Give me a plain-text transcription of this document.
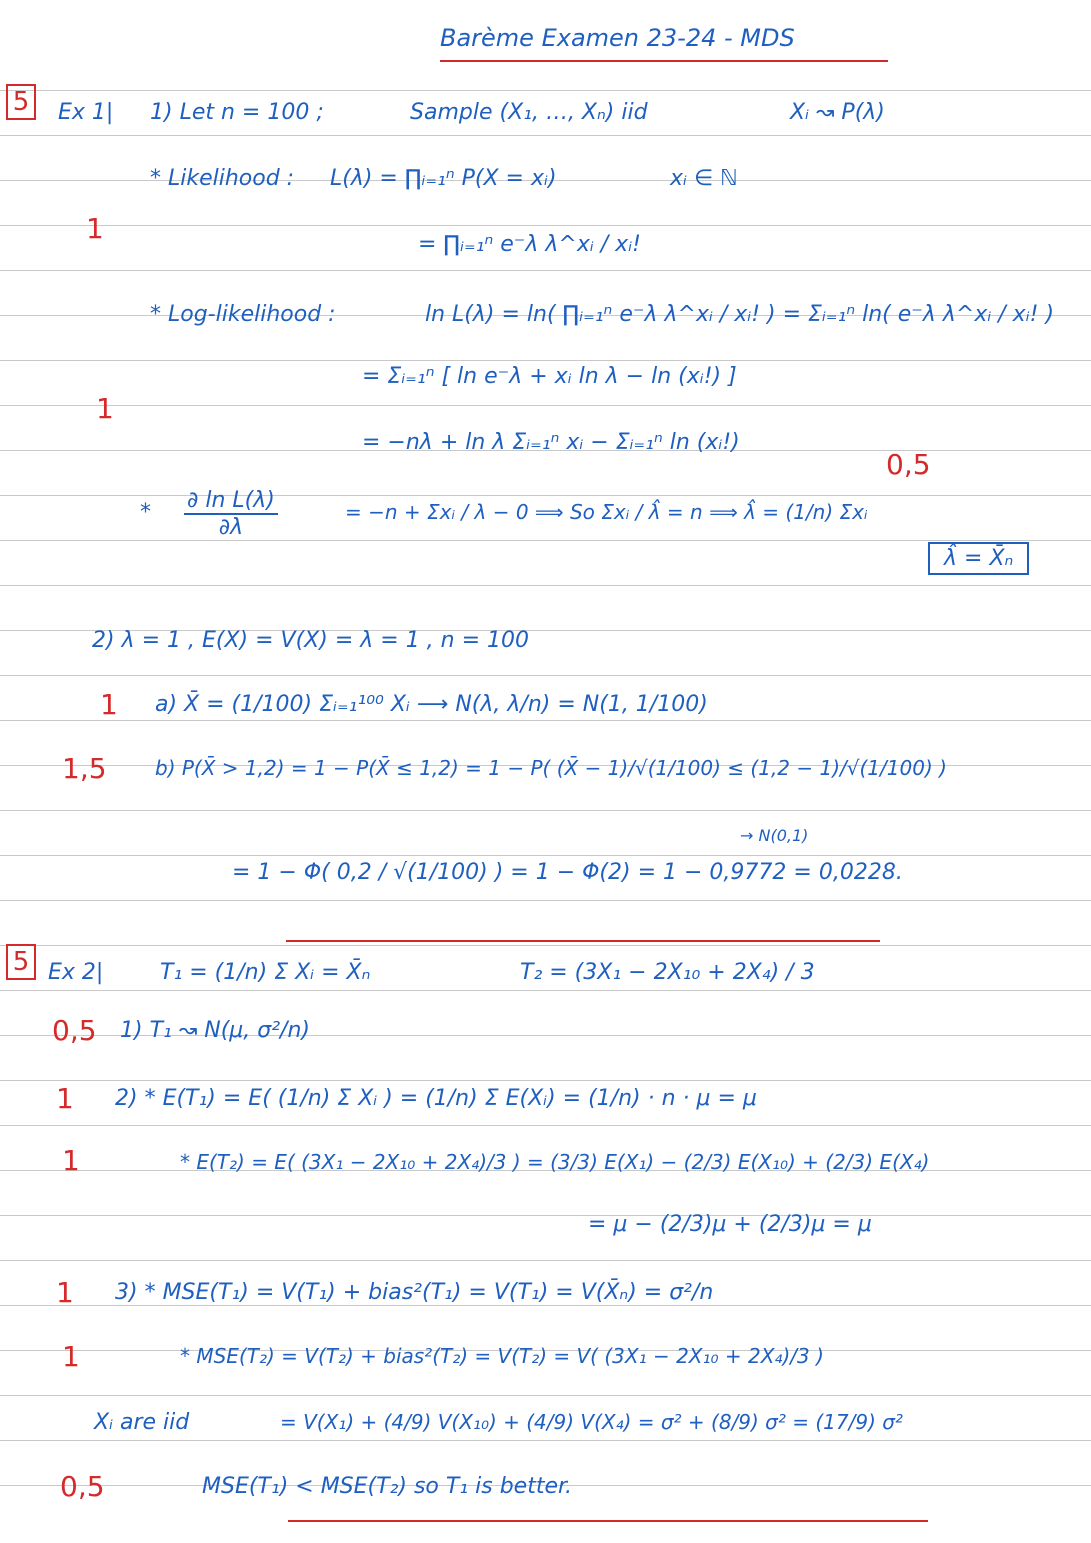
Barème Examen 23-24 - MDS
5	Ex 1| 1) Let n = 100 ;	Sample (X₁, …, Xₙ) iid	Xᵢ ↝ P(λ)
* Likelihood : L(λ) = ∏ᵢ₌₁ⁿ P(X = xᵢ)	xᵢ ∈ ℕ
1	= ∏ᵢ₌₁ⁿ e⁻λ λ^xᵢ / xᵢ!
* Log-likelihood :	ln L(λ) = ln( ∏ᵢ₌₁ⁿ e⁻λ λ^xᵢ / xᵢ! ) = Σᵢ₌₁ⁿ ln( e⁻λ λ^xᵢ / xᵢ! )
= Σᵢ₌₁ⁿ [ ln e⁻λ + xᵢ ln λ − ln (xᵢ!) ]
1
= −nλ + ln λ Σᵢ₌₁ⁿ xᵢ − Σᵢ₌₁ⁿ ln (xᵢ!)
0,5
* $\frac{\text{∂ ln L(λ)}}{\partial\lambda}$	= −n + Σxᵢ / λ − 0 ⟹ So Σxᵢ / λ̂ = n ⟹ λ̂ = (1/n) Σxᵢ
λ̂ = X̄ₙ
2) λ = 1 , E(X) = V(X) = λ = 1 , n = 100
1 a) X̄ = (1/100) Σᵢ₌₁¹⁰⁰ Xᵢ ⟶ N(λ, λ/n) = N(1, 1/100)
1,5 b) P(X̄ > 1,2) = 1 − P(X̄ ≤ 1,2) = 1 − P( (X̄ − 1)/√(1/100) ≤ (1,2 − 1)/√(1/100) )
→ N(0,1)
= 1 − Φ( 0,2 / √(1/100) ) = 1 − Φ(2) = 1 − 0,9772 = 0,0228.
5 Ex 2|	T₁ = (1/n) Σ Xᵢ = X̄ₙ	T₂ = (3X₁ − 2X₁₀ + 2X₄) / 3
0,5 1) T₁ ↝ N(μ, σ²/n)
1 2) * E(T₁) = E( (1/n) Σ Xᵢ ) = (1/n) Σ E(Xᵢ) = (1/n) · n · μ = μ
1	* E(T₂) = E( (3X₁ − 2X₁₀ + 2X₄)/3 ) = (3/3) E(X₁) − (2/3) E(X₁₀) + (2/3) E(X₄)
= μ − (2/3)μ + (2/3)μ = μ
1 3) * MSE(T₁) = V(T₁) + bias²(T₁) = V(T₁) = V(X̄ₙ) = σ²/n
1	* MSE(T₂) = V(T₂) + bias²(T₂) = V(T₂) = V( (3X₁ − 2X₁₀ + 2X₄)/3 )
Xᵢ are iid	= V(X₁) + (4/9) V(X₁₀) + (4/9) V(X₄) = σ² + (8/9) σ² = (17/9) σ²
0,5	MSE(T₁) < MSE(T₂) so T₁ is better.
